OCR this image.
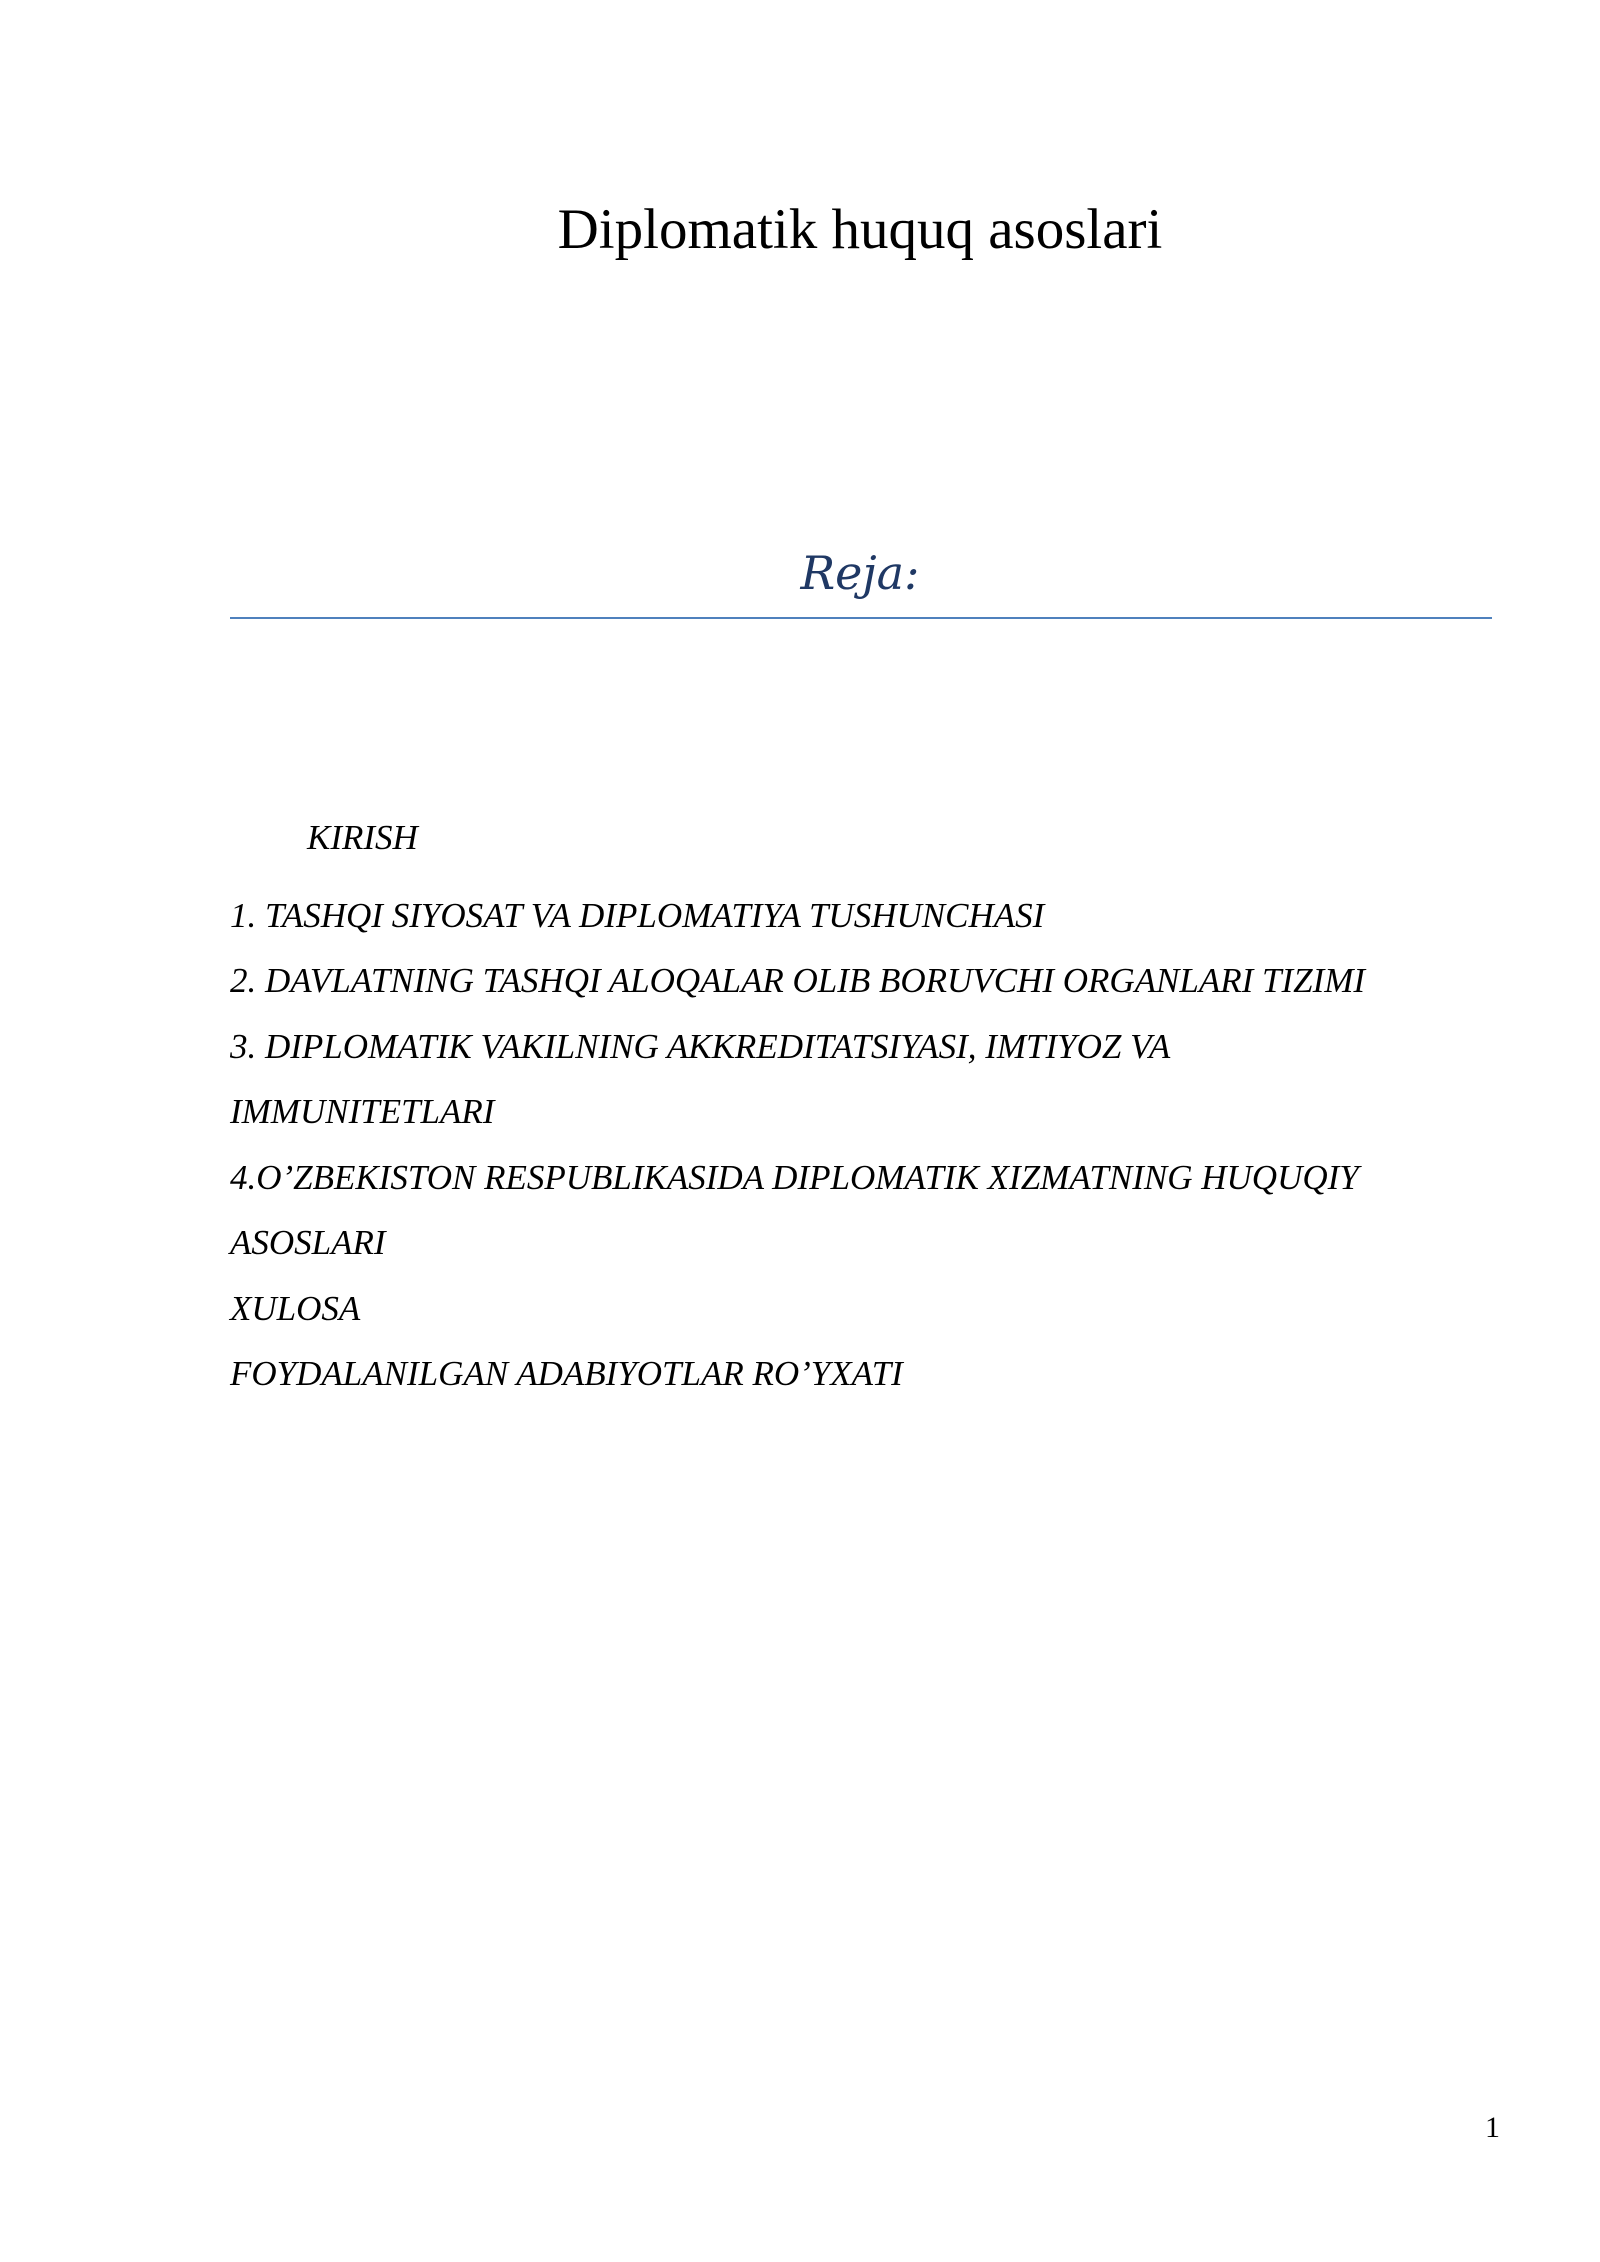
Diplomatik huquq asoslari
Reja:
KIRISH
1. TASHQI SIYOSAT VA DIPLOMATIYA TUSHUNCHASI
2. DAVLATNING TASHQI ALOQALAR OLIB BORUVCHI ORGANLARI TIZIMI
3. DIPLOMATIK VAKILNING AKKREDITATSIYASI, IMTIYOZ VA
IMMUNITETLARI
4.O’ZBEKISTON RESPUBLIKASIDA DIPLOMATIK XIZMATNING HUQUQIY
ASOSLARI
XULOSA
FOYDALANILGAN ADABIYOTLAR RO’YXATI
1
